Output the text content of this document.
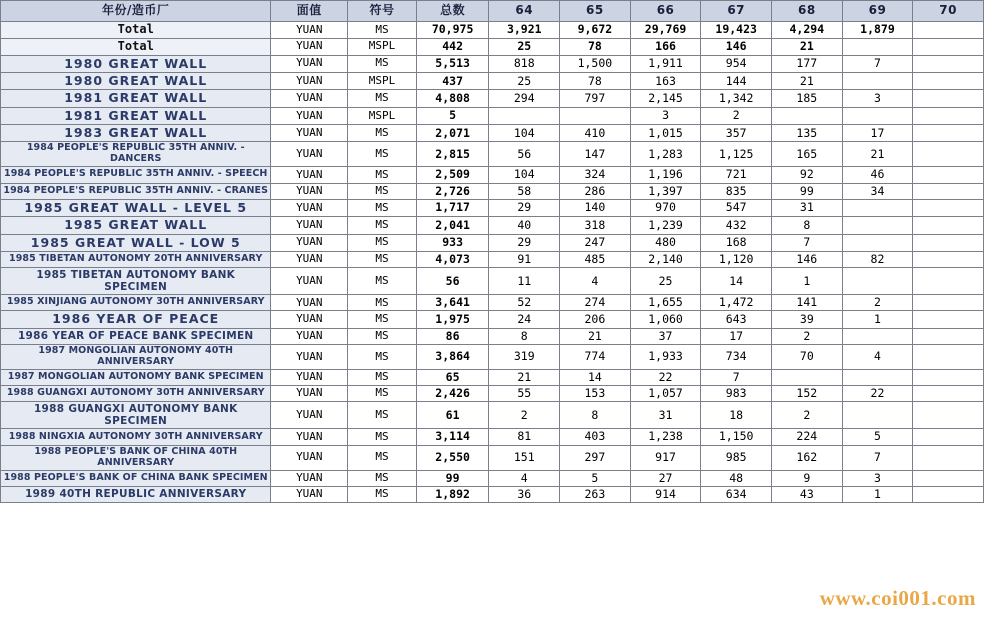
年份/造币厂	面值	符号	总数	64	65	66	67	68	69	70
Total	YUAN	MS	70,975	3,921	9,672	29,769	19,423	4,294	1,879	
Total	YUAN	MSPL	442	25	78	166	146	21		

1980 GREAT WALL	YUAN	MS	5,513	818	1,500	1,911	954	177	7	

1980 GREAT WALL	YUAN	MSPL	437	25	78	163	144	21		

1981 GREAT WALL	YUAN	MS	4,808	294	797	2,145	1,342	185	3	

1981 GREAT WALL	YUAN	MSPL	5			3	2			

1983 GREAT WALL	YUAN	MS	2,071	104	410	1,015	357	135	17	

1984 PEOPLE'S REPUBLIC 35TH ANNIV. - DANCERS	YUAN	MS	2,815	56	147	1,283	1,125	165	21	

1984 PEOPLE'S REPUBLIC 35TH ANNIV. - SPEECH	YUAN	MS	2,509	104	324	1,196	721	92	46	

1984 PEOPLE'S REPUBLIC 35TH ANNIV. - CRANES	YUAN	MS	2,726	58	286	1,397	835	99	34	

1985 GREAT WALL - LEVEL 5	YUAN	MS	1,717	29	140	970	547	31		

1985 GREAT WALL	YUAN	MS	2,041	40	318	1,239	432	8		

1985 GREAT WALL - LOW 5	YUAN	MS	933	29	247	480	168	7		

1985 TIBETAN AUTONOMY 20TH ANNIVERSARY	YUAN	MS	4,073	91	485	2,140	1,120	146	82	

1985 TIBETAN AUTONOMY BANK SPECIMEN	YUAN	MS	56	11	4	25	14	1		

1985 XINJIANG AUTONOMY 30TH ANNIVERSARY	YUAN	MS	3,641	52	274	1,655	1,472	141	2	

1986 YEAR OF PEACE	YUAN	MS	1,975	24	206	1,060	643	39	1	

1986 YEAR OF PEACE BANK SPECIMEN	YUAN	MS	86	8	21	37	17	2		

1987 MONGOLIAN AUTONOMY 40TH ANNIVERSARY	YUAN	MS	3,864	319	774	1,933	734	70	4	

1987 MONGOLIAN AUTONOMY BANK SPECIMEN	YUAN	MS	65	21	14	22	7			

1988 GUANGXI AUTONOMY 30TH ANNIVERSARY	YUAN	MS	2,426	55	153	1,057	983	152	22	

1988 GUANGXI AUTONOMY BANK SPECIMEN	YUAN	MS	61	2	8	31	18	2		

1988 NINGXIA AUTONOMY 30TH ANNIVERSARY	YUAN	MS	3,114	81	403	1,238	1,150	224	5	

1988 PEOPLE'S BANK OF CHINA 40TH ANNIVERSARY	YUAN	MS	2,550	151	297	917	985	162	7	

1988 PEOPLE'S BANK OF CHINA BANK SPECIMEN	YUAN	MS	99	4	5	27	48	9	3	

1989 40TH REPUBLIC ANNIVERSARY	YUAN	MS	1,892	36	263	914	634	43	1	
www.coi001.com
